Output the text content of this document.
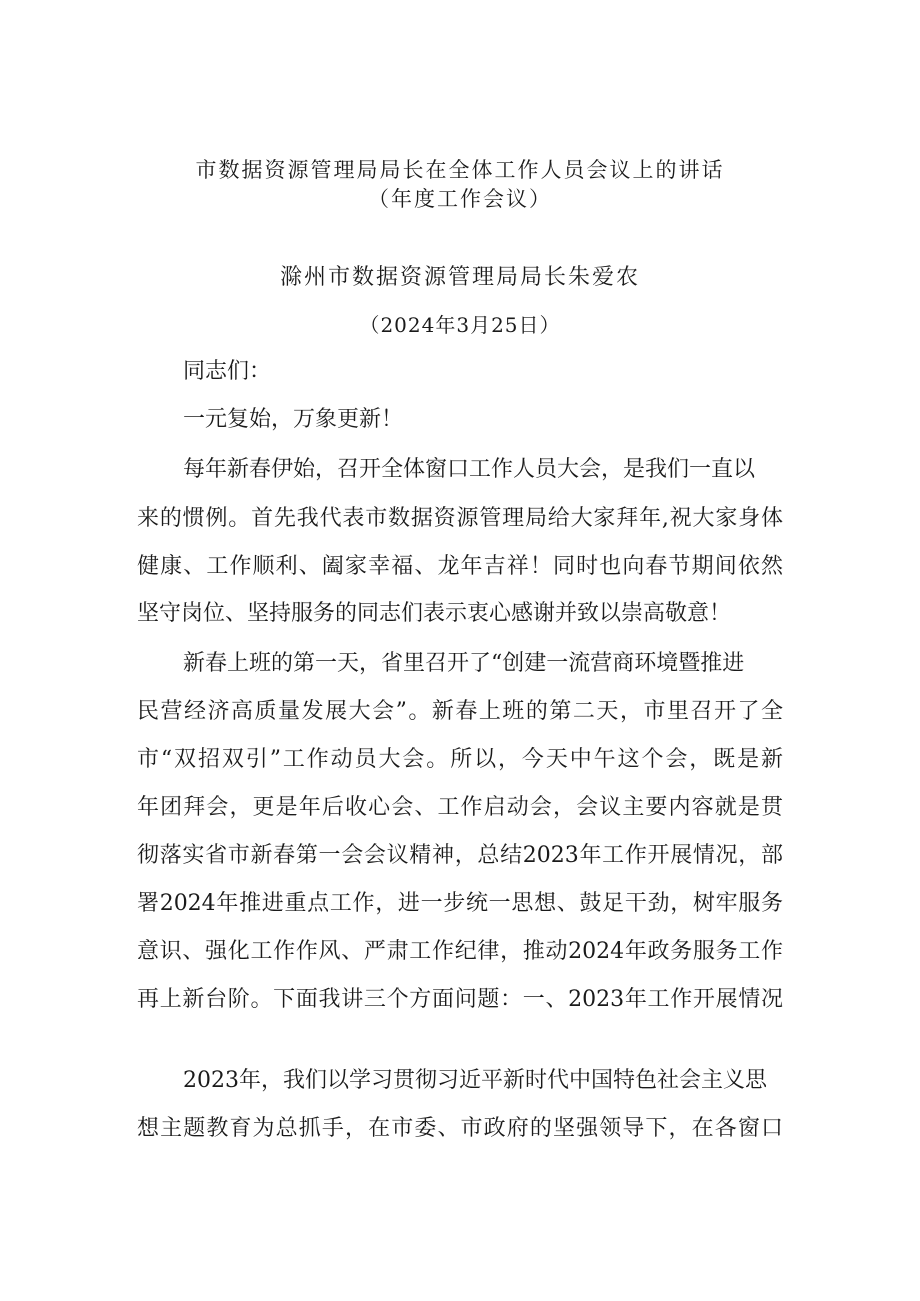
市数据资源管理局局长在全体工作人员会议上的讲话
（年度工作会议）
滁州市数据资源管理局局长朱爱农
（2024年3月25日）
同志们：
一元复始，万象更新！
每年新春伊始，召开全体窗口工作人员大会，是我们一直以
来的惯例。首先我代表市数据资源管理局给大家拜年,祝大家身体
健康、工作顺利、阖家幸福、龙年吉祥！同时也向春节期间依然
坚守岗位、坚持服务的同志们表示衷心感谢并致以崇高敬意！
新春上班的第一天，省里召开了“创建一流营商环境暨推进
民营经济高质量发展大会”。新春上班的第二天，市里召开了全
市“双招双引”工作动员大会。所以，今天中午这个会，既是新
年团拜会，更是年后收心会、工作启动会，会议主要内容就是贯
彻落实省市新春第一会会议精神，总结2023年工作开展情况，部
署2024年推进重点工作，进一步统一思想、鼓足干劲，树牢服务
意识、强化工作作风、严肃工作纪律，推动2024年政务服务工作
再上新台阶。下面我讲三个方面问题：一、2023年工作开展情况
2023年，我们以学习贯彻习近平新时代中国特色社会主义思
想主题教育为总抓手，在市委、市政府的坚强领导下，在各窗口
